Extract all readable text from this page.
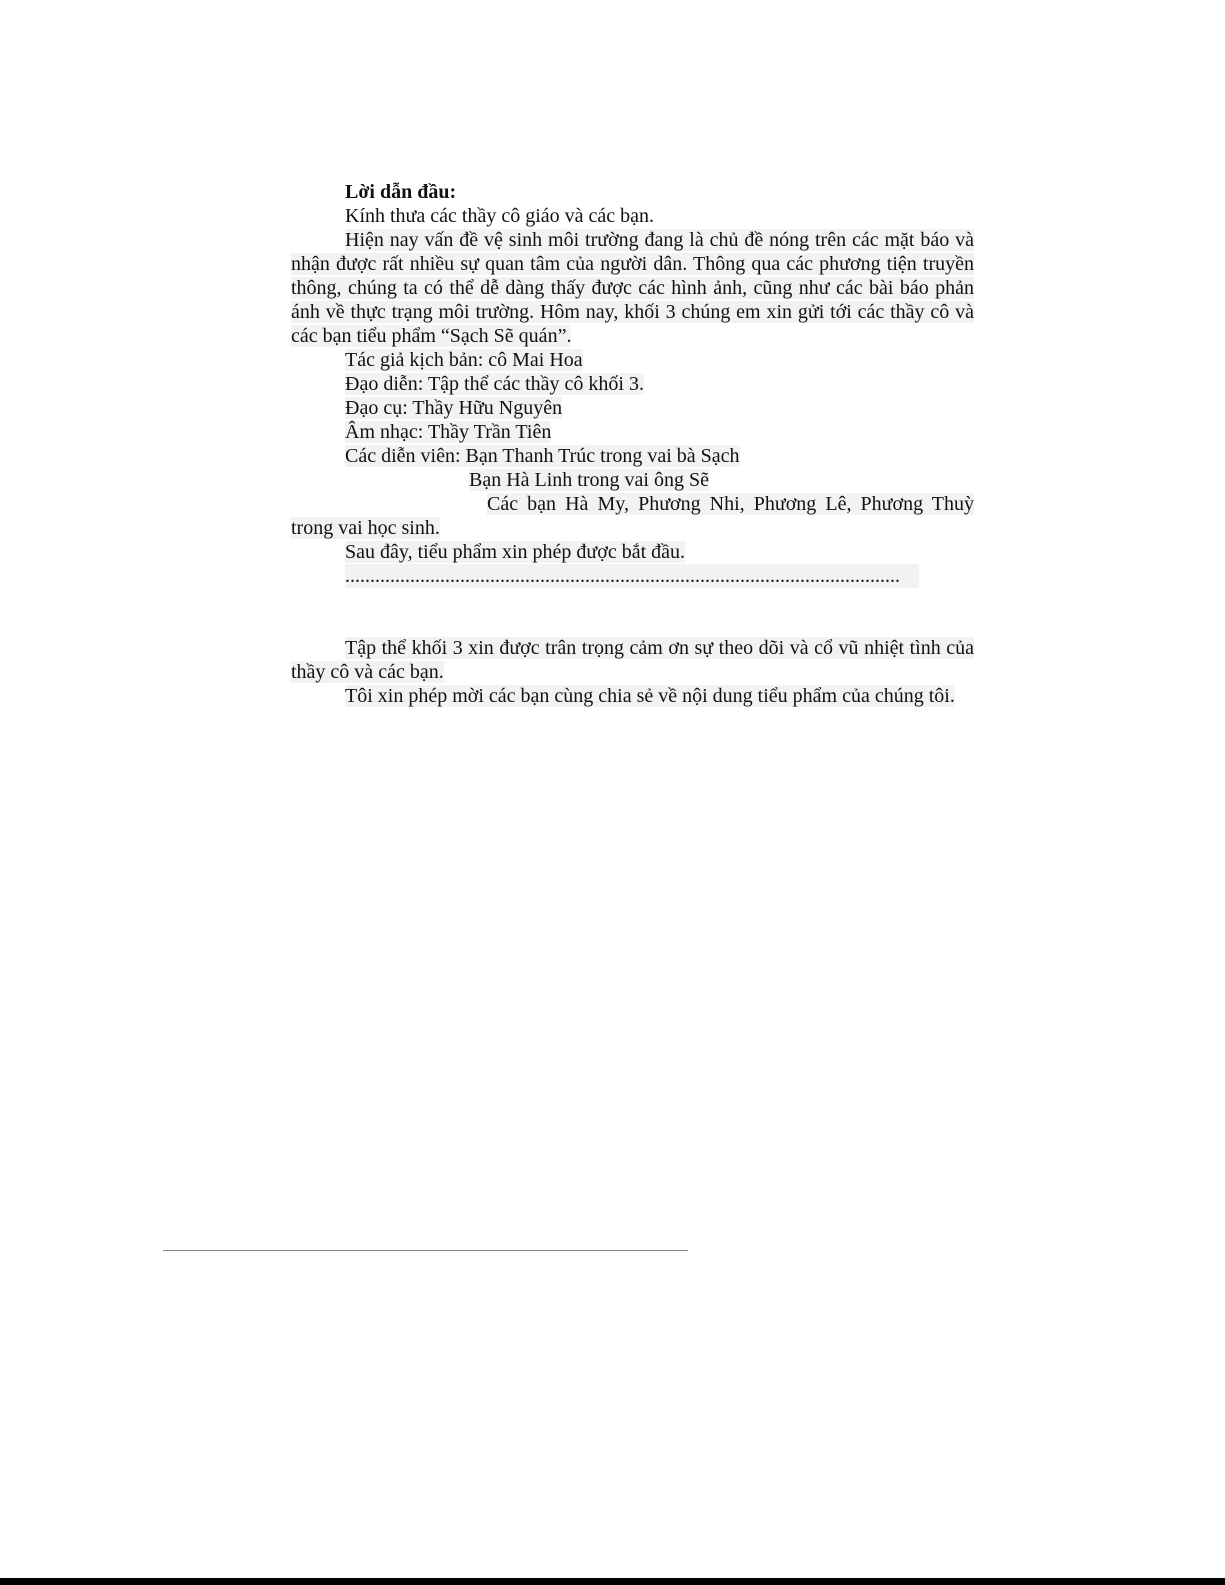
Lời dẫn đầu:

Kính thưa các thầy cô giáo và các bạn.

Hiện nay vấn đề vệ sinh môi trường đang là chủ đề nóng trên các mặt báo và nhận được rất nhiều sự quan tâm của người dân. Thông qua các phương tiện truyền thông, chúng ta có thể dễ dàng thấy được các hình ảnh, cũng như các bài báo phản ánh về thực trạng môi trường. Hôm nay, khối 3 chúng em xin gửi tới các thầy cô và các bạn tiểu phẩm “Sạch Sẽ quán”.

Tác giả kịch bản: cô Mai Hoa

Đạo diễn: Tập thể các thầy cô khối 3.

Đạo cụ: Thầy Hữu Nguyên

Âm nhạc: Thầy Trần Tiên

Các diễn viên: Bạn Thanh Trúc trong vai bà Sạch

Bạn Hà Linh trong vai ông Sẽ

Các bạn Hà My, Phương Nhi, Phương Lê, Phương Thuỳ trong vai học sinh.

Sau đây, tiểu phẩm xin phép được bắt đầu.

...............................................................................................................

Tập thể khối 3 xin được trân trọng cảm ơn sự theo dõi và cổ vũ nhiệt tình của thầy cô và các bạn.

Tôi xin phép mời các bạn cùng chia sẻ về nội dung tiểu phẩm của chúng tôi.
